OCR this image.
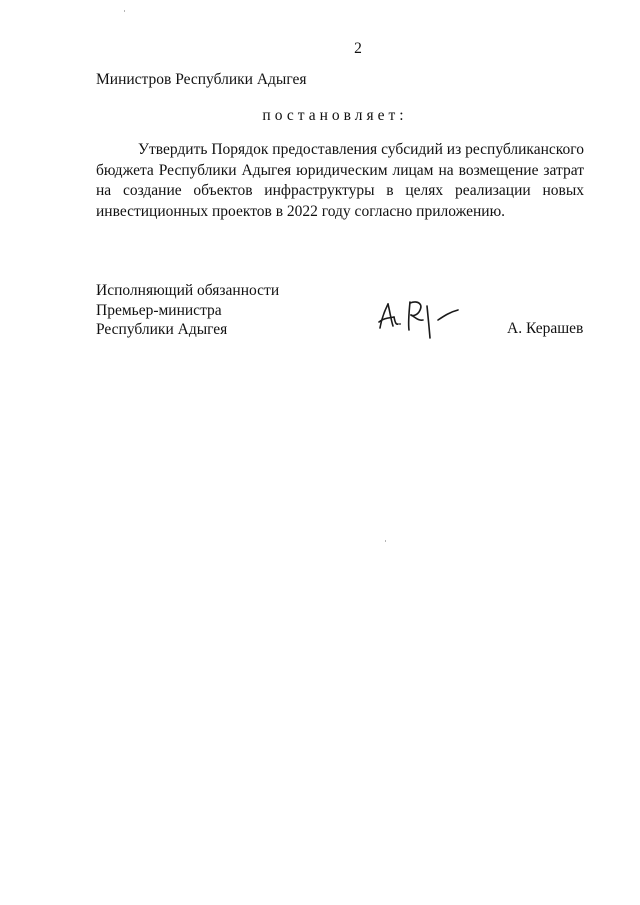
2
Министров Республики Адыгея
постановляет:

Утвердить Порядок предоставления субсидий из республиканского бюджета Республики Адыгея юридическим лицам на возмещение затрат на создание объектов инфраструктуры в целях реализации новых инвестиционных проектов в 2022 году согласно приложению.

Исполняющий обязанности
Премьер-министра
Республики Адыгея	А. Керашев
